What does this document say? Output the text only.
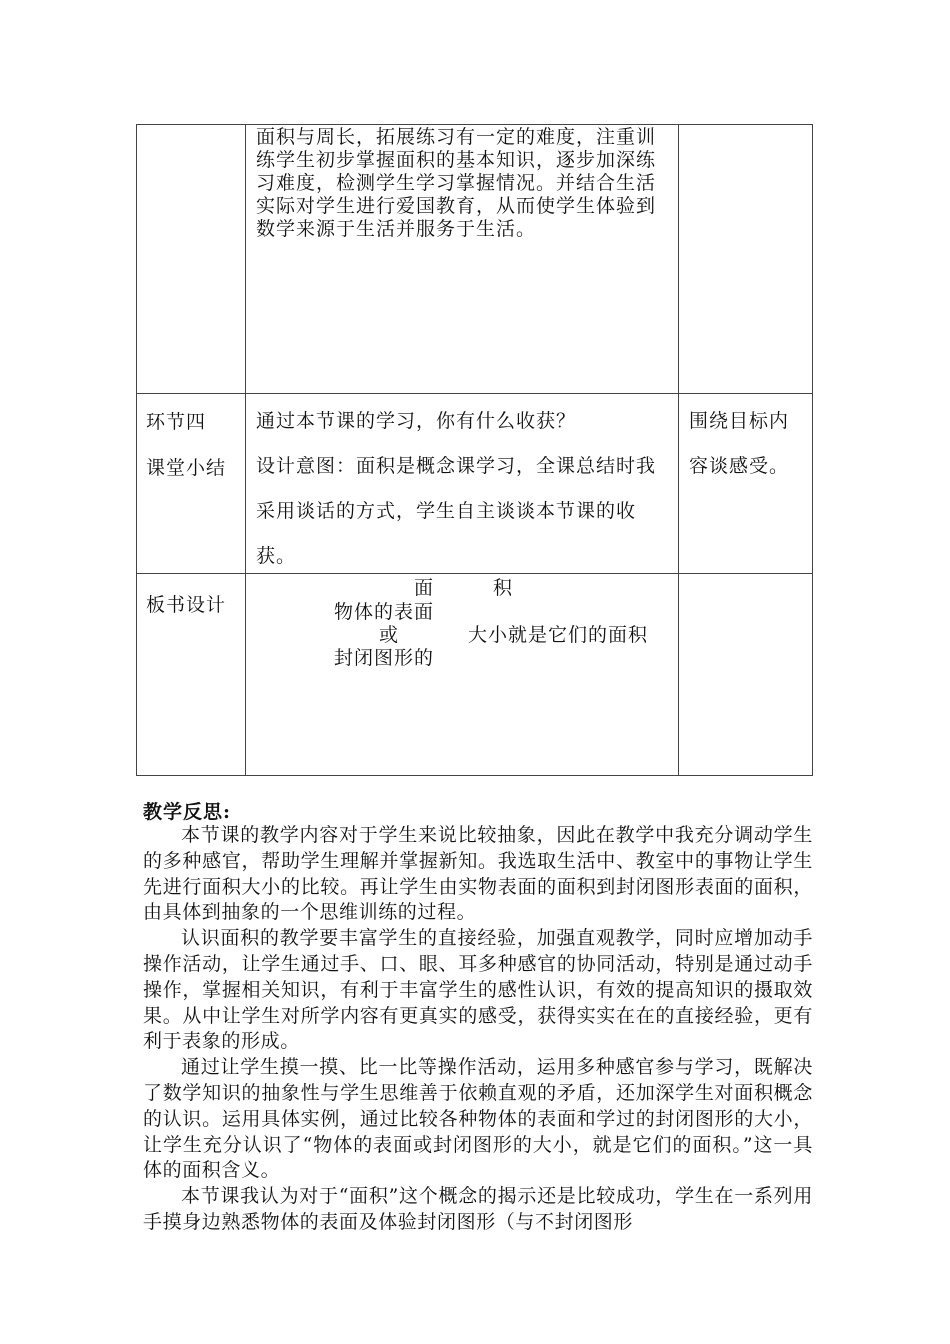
面积与周长，拓展练习有一定的难度，注重训练学生初步掌握面积的基本知识，逐步加深练习难度，检测学生学习掌握情况。并结合生活实际对学生进行爱国教育，从而使学生体验到数学来源于生活并服务于生活。
环节四
课堂小结
通过本节课的学习，你有什么收获？
设计意图：面积是概念课学习，全课总结时我采用谈话的方式，学生自主谈谈本节课的收获。
围绕目标内容谈感受。
板书设计
面	积
物体的表面
或	大小就是它们的面积
封闭图形的
教学反思:

本节课的教学内容对于学生来说比较抽象，因此在教学中我充分调动学生的多种感官，帮助学生理解并掌握新知。我选取生活中、教室中的事物让学生先进行面积大小的比较。再让学生由实物表面的面积到封闭图形表面的面积，由具体到抽象的一个思维训练的过程。

认识面积的教学要丰富学生的直接经验，加强直观教学，同时应增加动手操作活动，让学生通过手、口、眼、耳多种感官的协同活动，特别是通过动手操作，掌握相关知识，有利于丰富学生的感性认识，有效的提高知识的摄取效果。从中让学生对所学内容有更真实的感受，获得实实在在的直接经验，更有利于表象的形成。

通过让学生摸一摸、比一比等操作活动，运用多种感官参与学习，既解决了数学知识的抽象性与学生思维善于依赖直观的矛盾，还加深学生对面积概念的认识。运用具体实例，通过比较各种物体的表面和学过的封闭图形的大小，让学生充分认识了“物体的表面或封闭图形的大小，就是它们的面积。”这一具体的面积含义。

本节课我认为对于“面积”这个概念的揭示还是比较成功，学生在一系列用手摸身边熟悉物体的表面及体验封闭图形（与不封闭图形
